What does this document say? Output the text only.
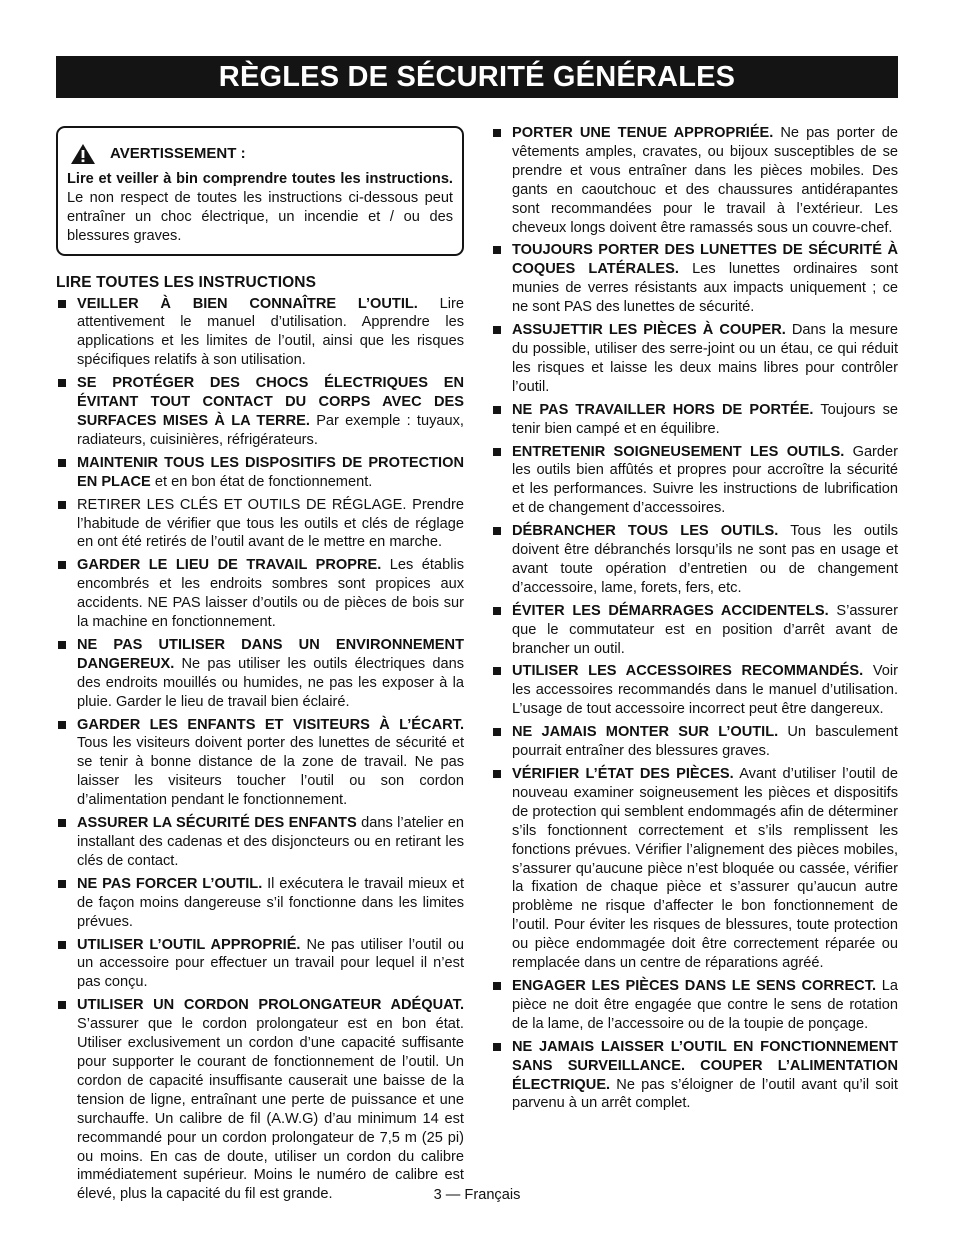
RÈGLES DE SÉCURITÉ GÉNÉRALES
AVERTISSEMENT :
Lire et veiller à bin comprendre toutes les instructions. Le non respect de toutes les instructions ci-dessous peut entraîner un choc électrique, un incendie et / ou des blessures graves.
LIRE TOUTES LES INSTRUCTIONS
VEILLER À BIEN CONNAÎTRE L’OUTIL. Lire attentivement le manuel d’utilisation. Apprendre les applications et les limites de l’outil, ainsi que les risques spécifiques relatifs à son utilisation.
SE PROTÉGER DES CHOCS ÉLECTRIQUES EN ÉVITANT TOUT CONTACT DU CORPS AVEC DES SURFACES MISES À LA TERRE. Par exemple : tuyaux, radiateurs, cuisinières, réfrigérateurs.
MAINTENIR TOUS LES DISPOSITIFS DE PROTECTION EN PLACE et en bon état de fonctionnement.
RETIRER LES CLÉS ET OUTILS DE RÉGLAGE. Prendre l’habitude de vérifier que tous les outils et clés de réglage en ont été retirés de l’outil avant de le mettre en marche.
GARDER LE LIEU DE TRAVAIL PROPRE. Les établis encombrés et les endroits sombres sont propices aux accidents. NE PAS laisser d’outils ou de pièces de bois sur la machine en fonctionnement.
NE PAS UTILISER DANS UN ENVIRONNEMENT DANGEREUX. Ne pas utiliser les outils électriques dans des endroits mouillés ou humides, ne pas les exposer à la pluie. Garder le lieu de travail bien éclairé.
GARDER LES ENFANTS ET VISITEURS À L’ÉCART. Tous les visiteurs doivent porter des lunettes de sécurité et se tenir à bonne distance de la zone de travail. Ne pas laisser les visiteurs toucher l’outil ou son cordon d’alimentation pendant le fonctionnement.
ASSURER LA SÉCURITÉ DES ENFANTS dans l’atelier en installant des cadenas et des disjoncteurs ou en retirant les clés de contact.
NE PAS FORCER L’OUTIL. Il exécutera le travail mieux et de façon moins dangereuse s’il fonctionne dans les limites prévues.
UTILISER L’OUTIL APPROPRIÉ. Ne pas utiliser l’outil ou un accessoire pour effectuer un travail pour lequel il n’est pas conçu.
UTILISER UN CORDON PROLONGATEUR ADÉQUAT. S’assurer que le cordon prolongateur est en bon état. Utiliser exclusivement un cordon d’une capacité suffisante pour supporter le courant de fonctionnement de l’outil. Un cordon de capacité insuffisante causerait une baisse de la tension de ligne, entraînant une perte de puissance et une surchauffe. Un calibre de fil (A.W.G) d’au minimum 14 est recommandé pour un cordon prolongateur de 7,5 m (25 pi) ou moins. En cas de doute, utiliser un cordon du calibre immédiatement supérieur. Moins le numéro de calibre est élevé, plus la capacité du fil est grande.
PORTER UNE TENUE APPROPRIÉE. Ne pas porter de vêtements amples, cravates, ou bijoux susceptibles de se prendre et vous entraîner dans les pièces mobiles. Des gants en caoutchouc et des chaussures antidérapantes sont recommandées pour le travail à l’extérieur. Les cheveux longs doivent être ramassés sous un couvre-chef.
TOUJOURS PORTER DES LUNETTES DE SÉCURITÉ À COQUES LATÉRALES. Les lunettes ordinaires sont munies de verres résistants aux impacts uniquement ; ce ne sont PAS des lunettes de sécurité.
ASSUJETTIR LES PIÈCES À COUPER. Dans la mesure du possible, utiliser des serre-joint ou un étau, ce qui réduit les risques et laisse les deux mains libres pour contrôler l’outil.
NE PAS TRAVAILLER HORS DE PORTÉE. Toujours se tenir bien campé et en équilibre.
ENTRETENIR SOIGNEUSEMENT LES OUTILS. Garder les outils bien affûtés et propres pour accroître la sécurité et les performances. Suivre les instructions de lubrification et de changement d’accessoires.
DÉBRANCHER TOUS LES OUTILS. Tous les outils doivent être débranchés lorsqu’ils ne sont pas en usage et avant toute opération d’entretien ou de changement d’accessoire, lame, forets, fers, etc.
ÉVITER LES DÉMARRAGES ACCIDENTELS. S’assurer que le commutateur est en position d’arrêt avant de brancher un outil.
UTILISER LES ACCESSOIRES RECOMMANDÉS. Voir les accessoires recommandés dans le manuel d’utilisation. L’usage de tout accessoire incorrect peut être dangereux.
NE JAMAIS MONTER SUR L’OUTIL. Un basculement pourrait entraîner des blessures graves.
VÉRIFIER L’ÉTAT DES PIÈCES. Avant d’utiliser l’outil de nouveau examiner soigneusement les pièces et dispositifs de protection qui semblent endommagés afin de déterminer s’ils fonctionnent correctement et s’ils remplissent les fonctions prévues. Vérifier l’alignement des pièces mobiles, s’assurer qu’aucune pièce n’est bloquée ou cassée, vérifier la fixation de chaque pièce et s’assurer qu’aucun autre problème ne risque d’affecter le bon fonctionnement de l’outil. Pour éviter les risques de blessures, toute protection ou pièce endommagée doit être correctement réparée ou remplacée dans un centre de réparations agréé.
ENGAGER LES PIÈCES DANS LE SENS CORRECT. La pièce ne doit être engagée que contre le sens de rotation de la lame, de l’accessoire ou de la toupie de ponçage.
NE JAMAIS LAISSER L’OUTIL EN FONCTIONNEMENT SANS SURVEILLANCE. COUPER L’ALIMENTATION ÉLECTRIQUE. Ne pas s’éloigner de l’outil avant qu’il soit parvenu à un arrêt complet.
3 — Français
